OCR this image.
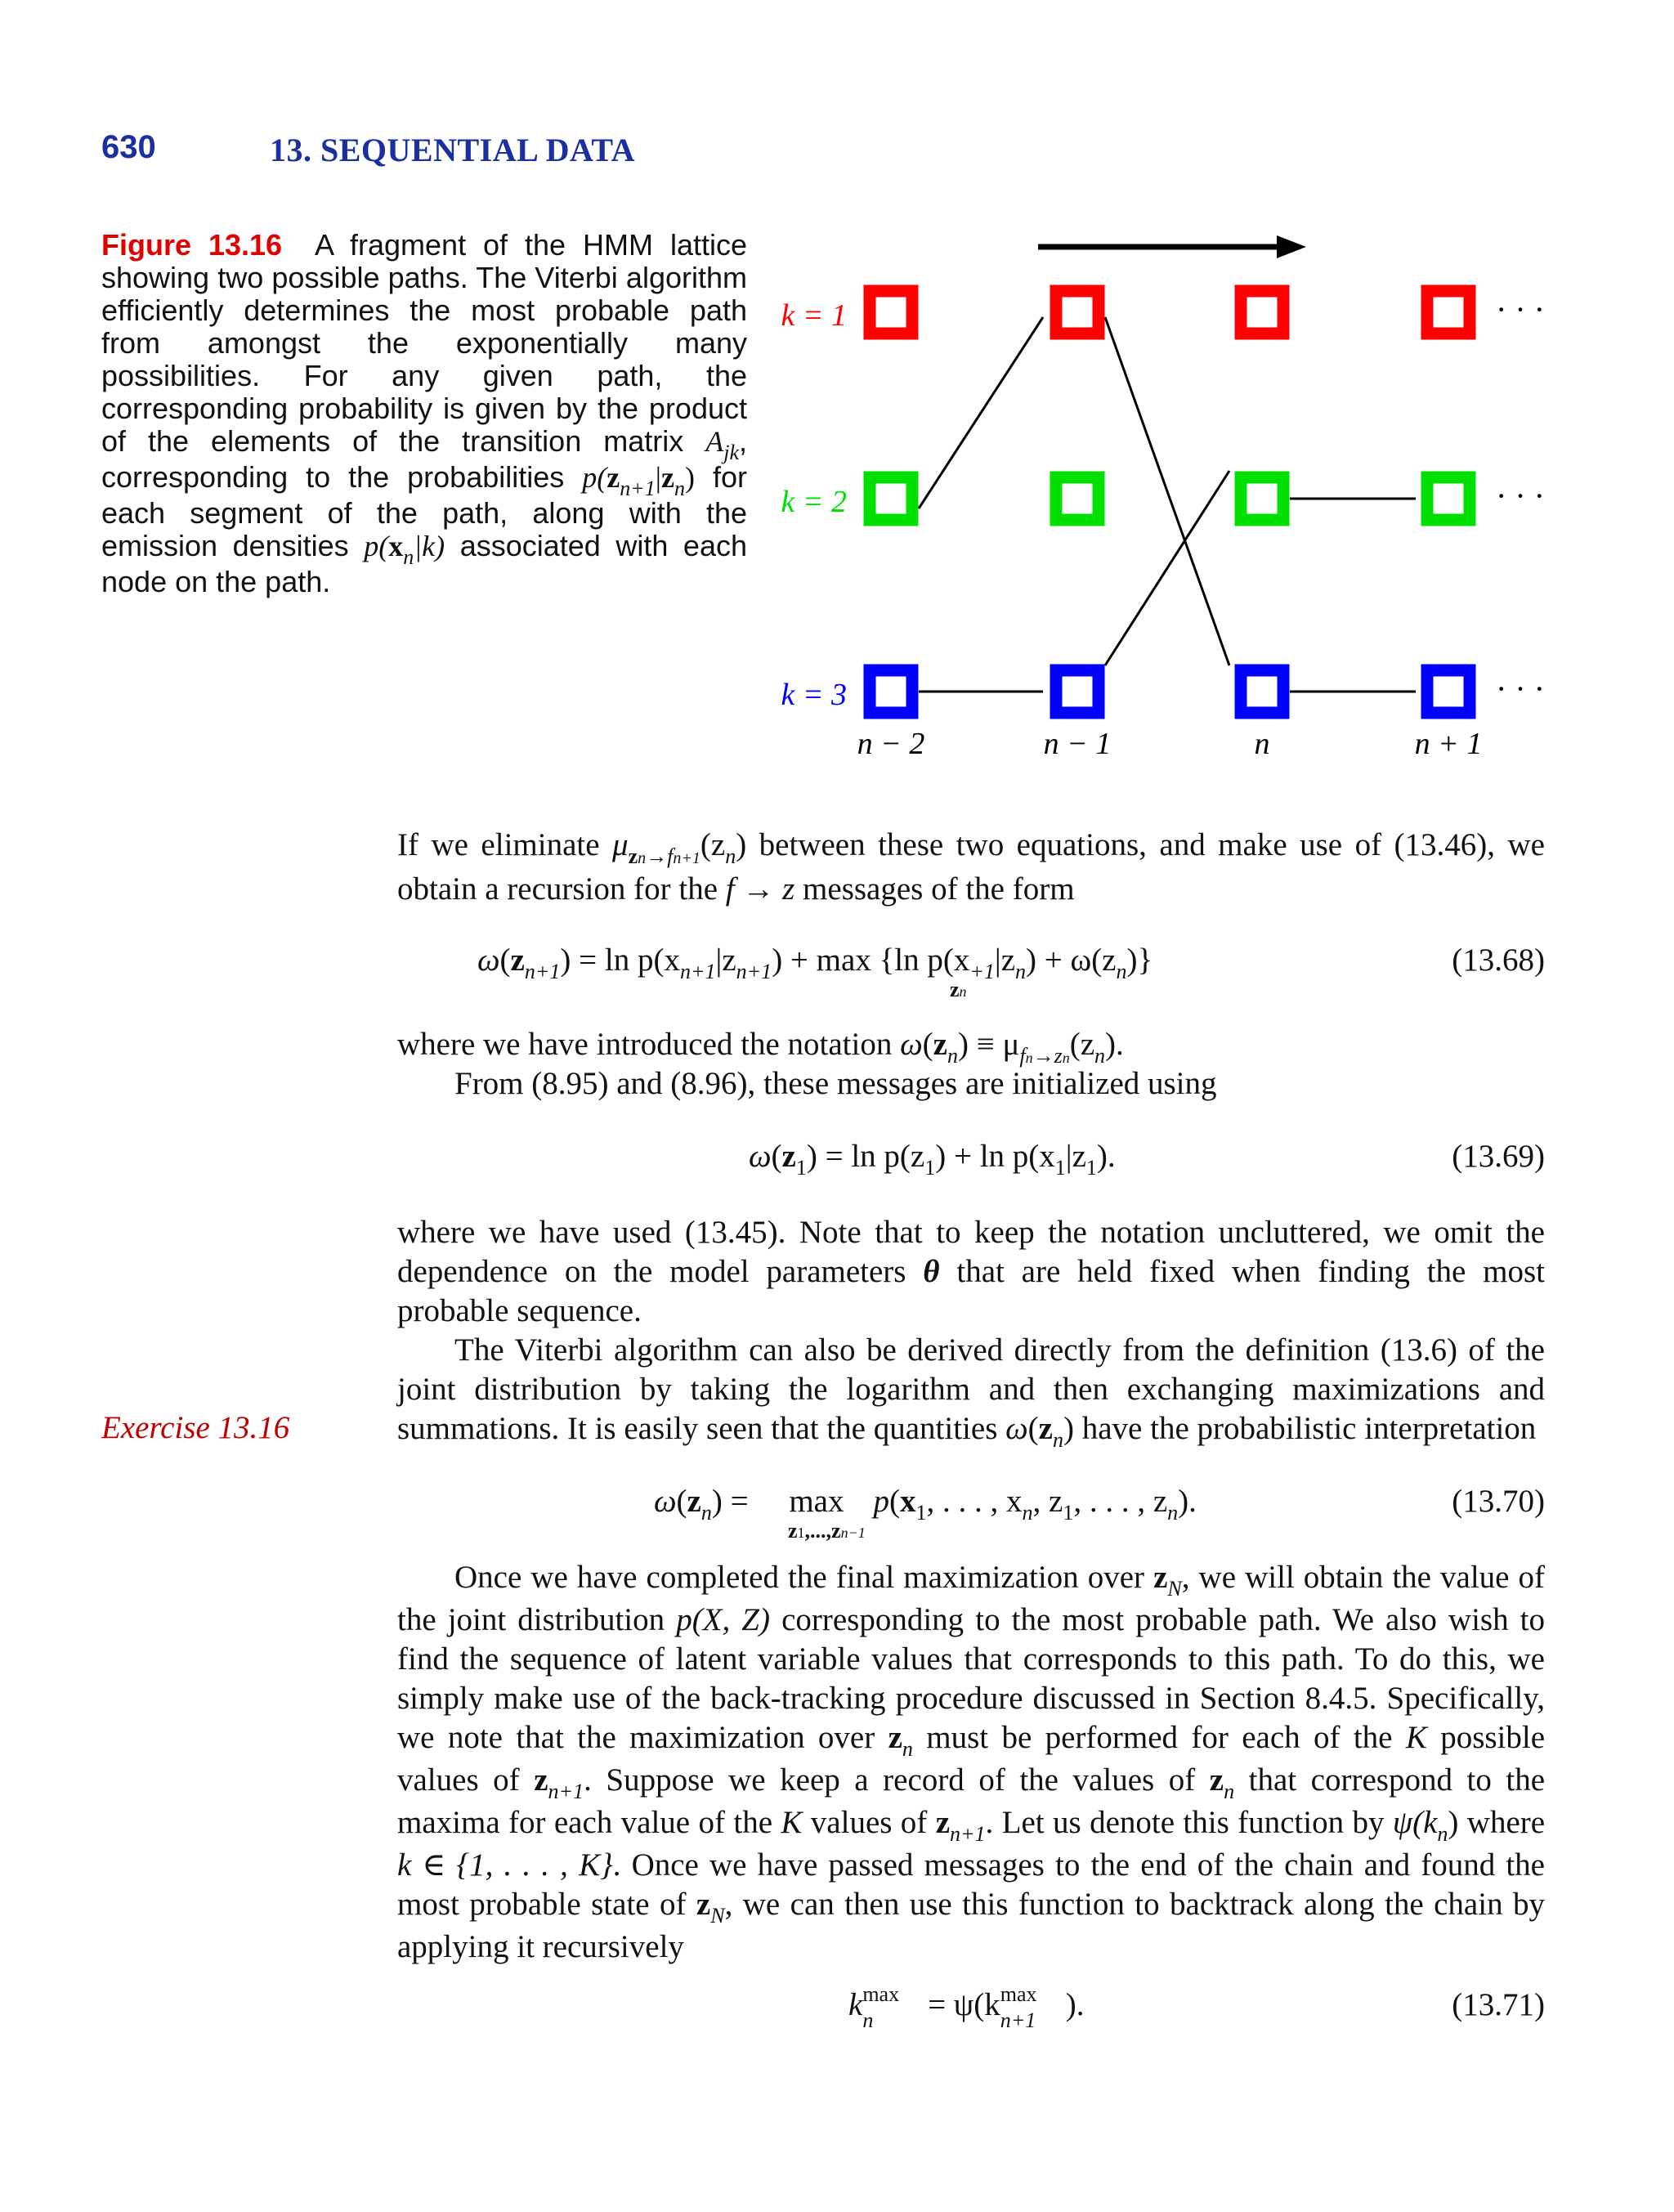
630	13. SEQUENTIAL DATA
Figure 13.16 A fragment of the HMM lattice showing two possible paths. The Viterbi algorithm efficiently determines the most probable path from amongst the exponentially many possibilities. For any given path, the corresponding probability is given by the product of the elements of the transition matrix $A_{jk}$, corresponding to the probabilities $p(z_{n+1}|z_n)$ for each segment of the path, along with the emission densities $p(x_n|k)$ associated with each node on the path.
k = 1
k = 2
k = 3
· · ·
· · ·
· · ·
n − 2	n − 1	n	n + 1
If we eliminate $\mu_{zn\to fn+1}(z_n)$ between these two equations, and make use of (13.46), we obtain a recursion for the f → z messages of the form
$\omega(z_{n+1}) = \ln p(x_{n+1}|z_{n+1}) + \max \{\ln$ $p(x_{+1}|z_n) + \omega(z_n)$}
zn
(13.68)
where we have introduced the notation $\omega(z_n) \equiv \mu_{fn\to zn}(z_n)$.
From (8.95) and (8.96), these messages are initialized using
$\omega(z_1) = \ln p(z_1) + \ln p(x_1|z_1)$.	(13.69)
where we have used (13.45). Note that to keep the notation uncluttered, we omit the dependence on the model parameters θ that are held fixed when finding the most probable sequence.
The Viterbi algorithm can also be derived directly from the definition (13.6) of the joint distribution by taking the logarithm and then exchanging maximizations and summations. It is easily seen that the quantities $\omega(z_n)$ have the probabilistic interpretation
Exercise 13.16
$\omega(z_n) = \max p(x_1$, . . . , $x_n$, $z_1$, . . . , $z_n$).
z1,...,zn−1
(13.70)
Once we have completed the final maximization over $z_N$, we will obtain the value of the joint distribution p(X, Z) corresponding to the most probable path. We also wish to find the sequence of latent variable values that corresponds to this path. To do this, we simply make use of the back-tracking procedure discussed in Section 8.4.5. Specifically, we note that the maximization over $z_n$ must be performed for each of the K possible values of $z_{n+1}$. Suppose we keep a record of the values of $z_n$ that correspond to the maxima for each value of the K values of $z_{n+1}$. Let us denote this function by $\psi(k_n)$ where k ∈ {1, . . . , K}. Once we have passed messages to the end of the chain and found the most probable state of $z_N$, we can then use this function to backtrack along the chain by applying it recursively
k max
n = ψ(k max
n+1 ).	(13.71)
